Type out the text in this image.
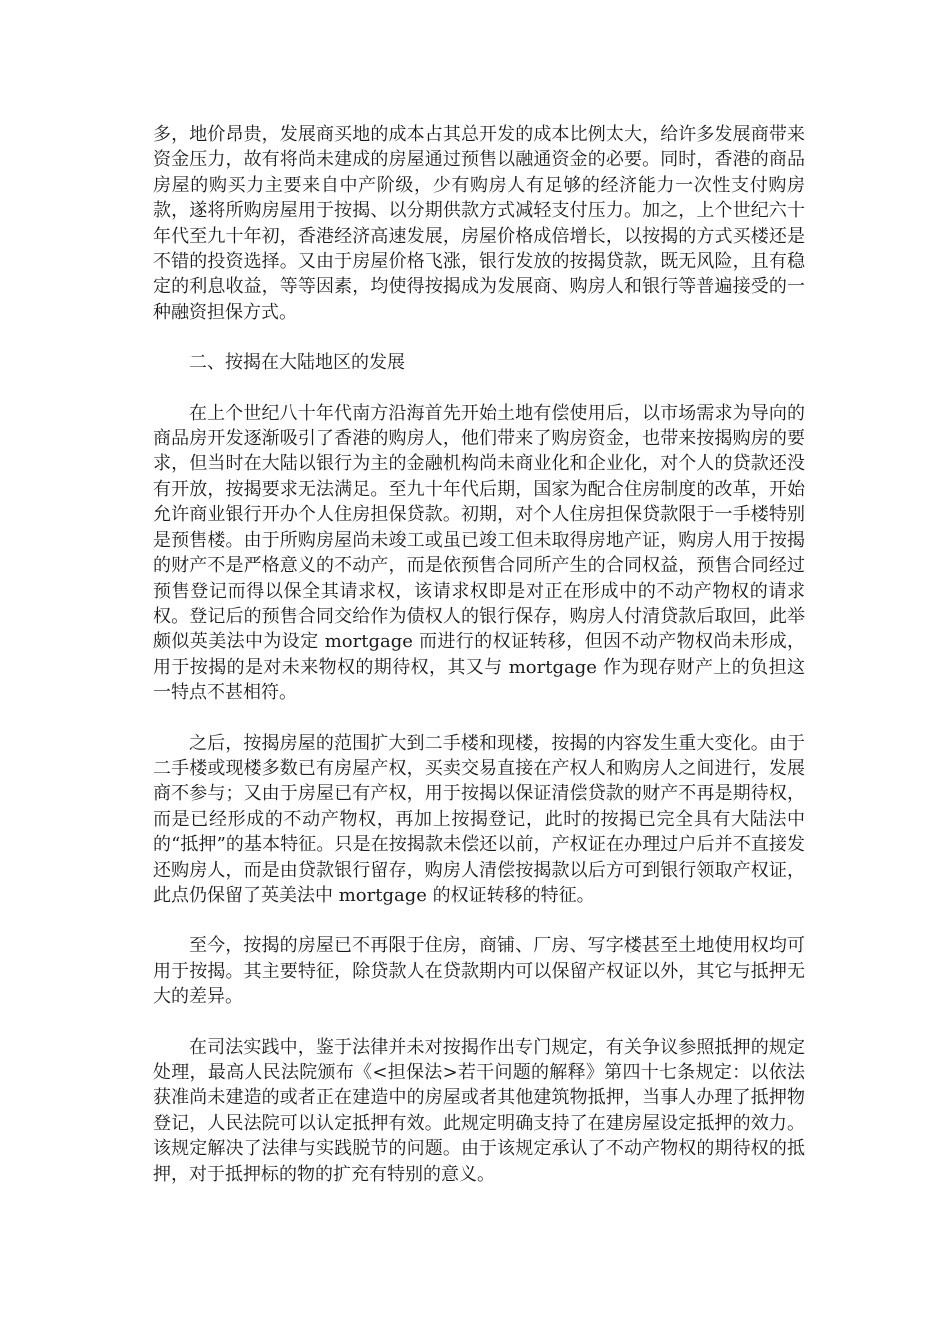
多，地价昂贵，发展商买地的成本占其总开发的成本比例太大，给许多发展商带来资金压力，故有将尚未建成的房屋通过预售以融通资金的必要。同时，香港的商品房屋的购买力主要来自中产阶级，少有购房人有足够的经济能力一次性支付购房款，遂将所购房屋用于按揭、以分期供款方式减轻支付压力。加之，上个世纪六十年代至九十年初，香港经济高速发展，房屋价格成倍增长，以按揭的方式买楼还是不错的投资选择。又由于房屋价格飞涨，银行发放的按揭贷款，既无风险，且有稳定的利息收益，等等因素，均使得按揭成为发展商、购房人和银行等普遍接受的一种融资担保方式。

二、按揭在大陆地区的发展

在上个世纪八十年代南方沿海首先开始土地有偿使用后，以市场需求为导向的商品房开发逐渐吸引了香港的购房人，他们带来了购房资金，也带来按揭购房的要求，但当时在大陆以银行为主的金融机构尚未商业化和企业化，对个人的贷款还没有开放，按揭要求无法满足。至九十年代后期，国家为配合住房制度的改革，开始允许商业银行开办个人住房担保贷款。初期，对个人住房担保贷款限于一手楼特别是预售楼。由于所购房屋尚未竣工或虽已竣工但未取得房地产证，购房人用于按揭的财产不是严格意义的不动产，而是依预售合同所产生的合同权益，预售合同经过预售登记而得以保全其请求权，该请求权即是对正在形成中的不动产物权的请求权。登记后的预售合同交给作为债权人的银行保存，购房人付清贷款后取回，此举颇似英美法中为设定 mortgage 而进行的权证转移，但因不动产物权尚未形成，用于按揭的是对未来物权的期待权，其又与 mortgage 作为现存财产上的负担这一特点不甚相符。

之后，按揭房屋的范围扩大到二手楼和现楼，按揭的内容发生重大变化。由于二手楼或现楼多数已有房屋产权，买卖交易直接在产权人和购房人之间进行，发展商不参与；又由于房屋已有产权，用于按揭以保证清偿贷款的财产不再是期待权，而是已经形成的不动产物权，再加上按揭登记，此时的按揭已完全具有大陆法中的“抵押”的基本特征。只是在按揭款未偿还以前，产权证在办理过户后并不直接发还购房人，而是由贷款银行留存，购房人清偿按揭款以后方可到银行领取产权证，此点仍保留了英美法中 mortgage 的权证转移的特征。

至今，按揭的房屋已不再限于住房，商铺、厂房、写字楼甚至土地使用权均可用于按揭。其主要特征，除贷款人在贷款期内可以保留产权证以外，其它与抵押无大的差异。

在司法实践中，鉴于法律并未对按揭作出专门规定，有关争议参照抵押的规定处理，最高人民法院颁布《<担保法>若干问题的解释》第四十七条规定：以依法获准尚未建造的或者正在建造中的房屋或者其他建筑物抵押，当事人办理了抵押物登记，人民法院可以认定抵押有效。此规定明确支持了在建房屋设定抵押的效力。该规定解决了法律与实践脱节的问题。由于该规定承认了不动产物权的期待权的抵押，对于抵押标的物的扩充有特别的意义。
